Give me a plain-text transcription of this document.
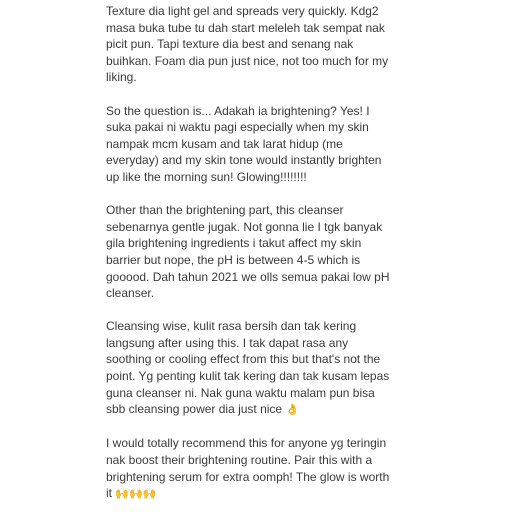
Texture dia light gel and spreads very quickly. Kdg2
masa buka tube tu dah start meleleh tak sempat nak
picit pun. Tapi texture dia best and senang nak
buihkan. Foam dia pun just nice, not too much for my
liking.
So the question is... Adakah ia brightening? Yes! I
suka pakai ni waktu pagi especially when my skin
nampak mcm kusam and tak larat hidup (me
everyday) and my skin tone would instantly brighten
up like the morning sun! Glowing!!!!!!!!
Other than the brightening part, this cleanser
sebenarnya gentle jugak. Not gonna lie I tgk banyak
gila brightening ingredients i takut affect my skin
barrier but nope, the pH is between 4-5 which is
gooood. Dah tahun 2021 we olls semua pakai low pH
cleanser.
Cleansing wise, kulit rasa bersih dan tak kering
langsung after using this. I tak dapat rasa any
soothing or cooling effect from this but that's not the
point. Yg penting kulit tak kering dan tak kusam lepas
guna cleanser ni. Nak guna waktu malam pun bisa
sbb cleansing power dia just nice 👌
I would totally recommend this for anyone yg teringin
nak boost their brightening routine. Pair this with a
brightening serum for extra oomph! The glow is worth
it 🙌🙌🙌
